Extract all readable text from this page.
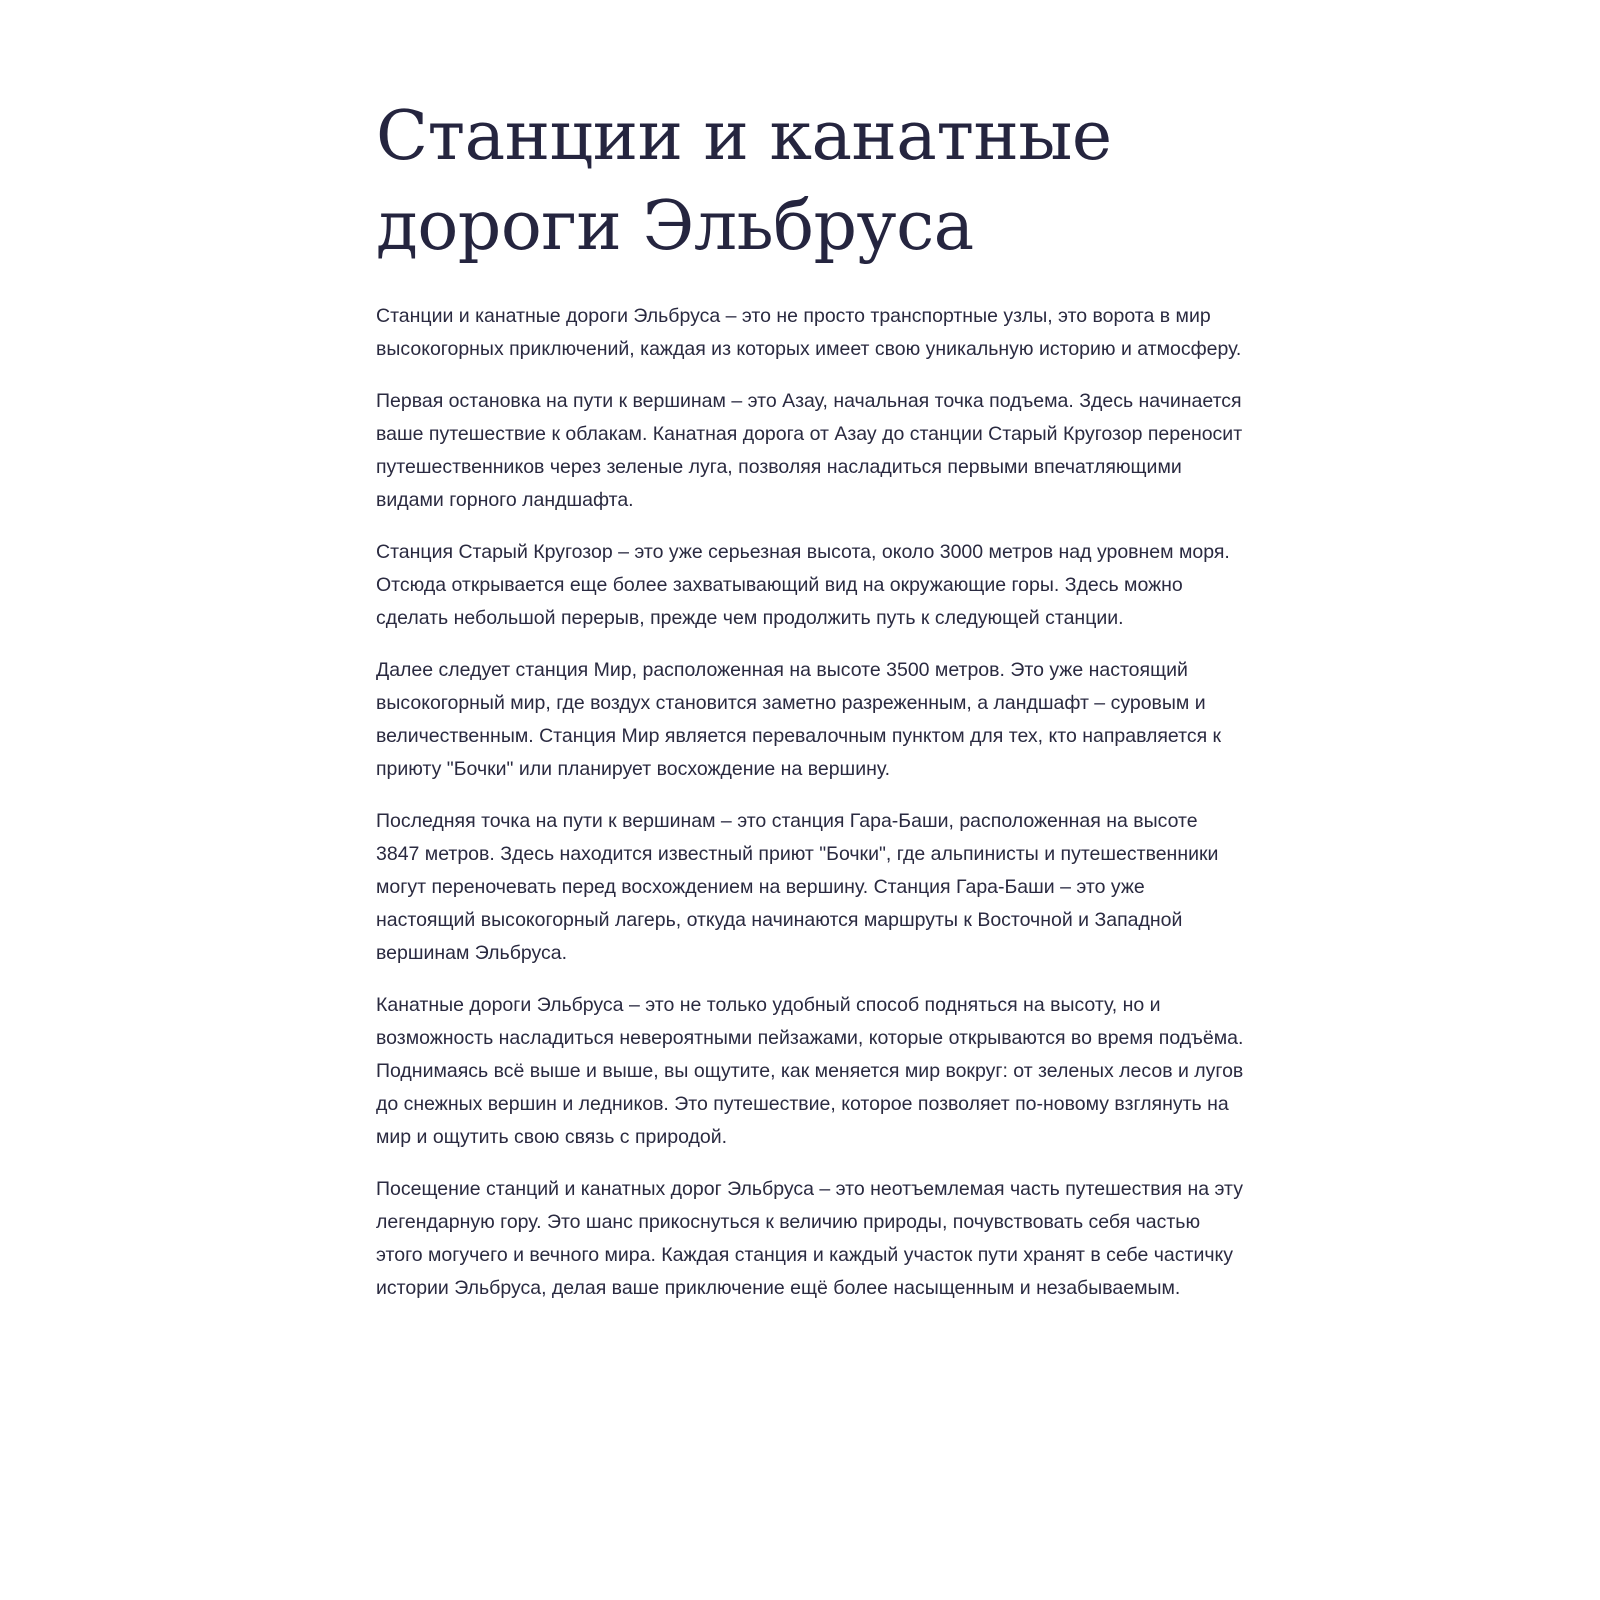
Станции и канатные дороги Эльбруса

Станции и канатные дороги Эльбруса – это не просто транспортные узлы, это ворота в мир высокогорных приключений, каждая из которых имеет свою уникальную историю и атмосферу.

Первая остановка на пути к вершинам – это Азау, начальная точка подъема. Здесь начинается ваше путешествие к облакам. Канатная дорога от Азау до станции Старый Кругозор переносит путешественников через зеленые луга, позволяя насладиться первыми впечатляющими видами горного ландшафта.

Станция Старый Кругозор – это уже серьезная высота, около 3000 метров над уровнем моря. Отсюда открывается еще более захватывающий вид на окружающие горы. Здесь можно сделать небольшой перерыв, прежде чем продолжить путь к следующей станции.

Далее следует станция Мир, расположенная на высоте 3500 метров. Это уже настоящий высокогорный мир, где воздух становится заметно разреженным, а ландшафт – суровым и величественным. Станция Мир является перевалочным пунктом для тех, кто направляется к приюту "Бочки" или планирует восхождение на вершину.

Последняя точка на пути к вершинам – это станция Гара-Баши, расположенная на высоте 3847 метров. Здесь находится известный приют "Бочки", где альпинисты и путешественники могут переночевать перед восхождением на вершину. Станция Гара-Баши – это уже настоящий высокогорный лагерь, откуда начинаются маршруты к Восточной и Западной вершинам Эльбруса.

Канатные дороги Эльбруса – это не только удобный способ подняться на высоту, но и возможность насладиться невероятными пейзажами, которые открываются во время подъёма. Поднимаясь всё выше и выше, вы ощутите, как меняется мир вокруг: от зеленых лесов и лугов до снежных вершин и ледников. Это путешествие, которое позволяет по-новому взглянуть на мир и ощутить свою связь с природой.

Посещение станций и канатных дорог Эльбруса – это неотъемлемая часть путешествия на эту легендарную гору. Это шанс прикоснуться к величию природы, почувствовать себя частью этого могучего и вечного мира. Каждая станция и каждый участок пути хранят в себе частичку истории Эльбруса, делая ваше приключение ещё более насыщенным и незабываемым.
